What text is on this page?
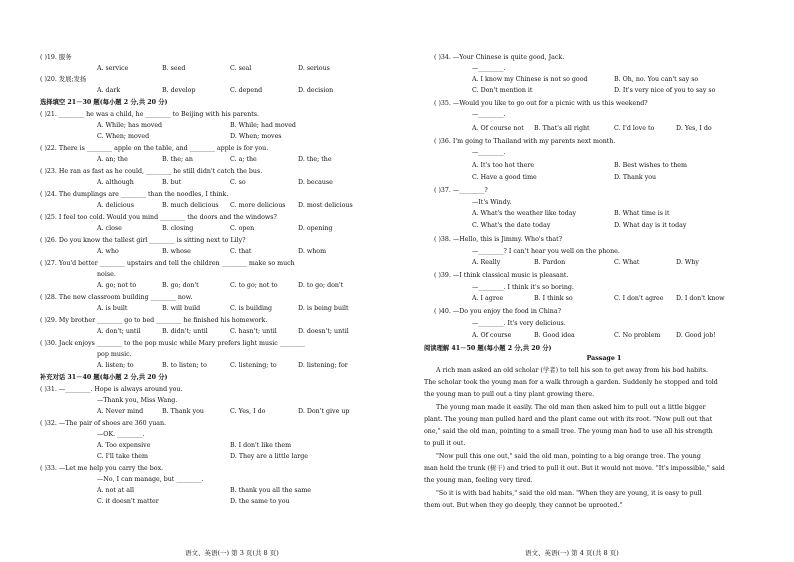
( )19. 服务
A. service	B. seed	C. seal	D. serious
( )20. 发展;发扬
A. dark	B. develop	C. depend	D. decision
选择填空 21－30 题(每小题 2 分,共 20 分)
( )21. ________ he was a child, he ________ to Beijing with his parents.
A. While; has moved	B. While; had moved
C. When; moved	D. When; moves
( )22. There is ________ apple on the table, and ________ apple is for you.
A. an; the	B. the; an	C. a; the	D. the; the
( )23. He ran as fast as he could, ________ he still didn't catch the bus.
A. although	B. but	C. so	D. because
( )24. The dumplings are ________ than the noodles, I think.
A. delicious	B. much delicious C. more delicious D. most delicious
( )25. I feel too cold. Would you mind ________ the doors and the windows?
A. close	B. closing	C. open	D. opening
( )26. Do you know the tallest girl ________ is sitting next to Lily?
A. who	B. whose	C. that	D. whom
( )27. You'd better ________ upstairs and tell the children ________ make so much
noise.
A. go; not to	B. go; don't	C. to go; not to	D. to go; don't
( )28. The new classroom building ________ now.
A. is built	B. will build	C. is building	D. is being built
( )29. My brother ________ go to bed ________ he finished his homework.
A. don't; until	B. didn't; until	C. hasn't; until	D. doesn't; until
( )30. Jack enjoys ________ to the pop music while Mary prefers light music ________
pop music.
A. listen; to	B. to listen; to	C. listening; to	D. listening; for
补充对话 31－40 题(每小题 2 分,共 20 分)
( )31. —________. Hope is always around you.
—Thank you, Miss Wang.
A. Never mind	B. Thank you	C. Yes, I do	D. Don't give up
( )32. —The pair of shoes are 360 yuan.
—OK. ________.
A. Too expensive	B. I don't like them
C. I'll take them	D. They are a little large
( )33. —Let me help you carry the box.
—No, I can manage, but ________.
A. not at all	B. thank you all the same
C. it doesn't matter	D. the same to you
Passage 1
( )34. —Your Chinese is quite good, Jack.
—________.
A. I know my Chinese is not so good	B. Oh, no. You can't say so
C. Don't mention it	D. It's very nice of you to say so
( )35. —Would you like to go out for a picnic with us this weekend?
—________.
A. Of course not B. That's all right	C. I'd love to	D. Yes, I do
( )36. I'm going to Thailand with my parents next month.
—________.
A. It's too hot there	B. Best wishes to them
C. Have a good time	D. Thank you
( )37. —________?
—It's Windy.
A. What's the weather like today	B. What time is it
C. What's the date today	D. What day is it today
( )38. —Hello, this is Jimmy. Who's that?
—________? I can't hear you well on the phone.
A. Really	B. Pardon	C. What	D. Why
( )39. —I think classical music is pleasant.
—________. I think it's so boring.
A. I agree	B. I think so	C. I don't agree D. I don't know
( )40. —Do you enjoy the food in China?
—________. It's very delicious.
A. Of course	B. Good idea	C. No problem D. Good job!
阅读理解 41－50 题(每小题 2 分,共 20 分)
A rich man asked an old scholar (学者) to tell his son to get away from his bad habits.
The scholar took the young man for a walk through a garden. Suddenly he stopped and told
the young man to pull out a tiny plant growing there.
The young man made it easily. The old man then asked him to pull out a little bigger
plant. The young man pulled hard and the plant came out with its root. "Now pull out that
one," said the old man, pointing to a small tree. The young man had to use all his strength
to pull it out.
"Now pull this one out," said the old man, pointing to a big orange tree. The young
man held the trunk (树干) and tried to pull it out. But it would not move. "It's impossible," said
the young man, feeling very tired.
"So it is with bad habits," said the old man. "When they are young, it is easy to pull
them out. But when they go deeply, they cannot be uprooted."
语文、英语(一) 第 3 页(共 8 页)	语文、英语(一) 第 4 页(共 8 页)
